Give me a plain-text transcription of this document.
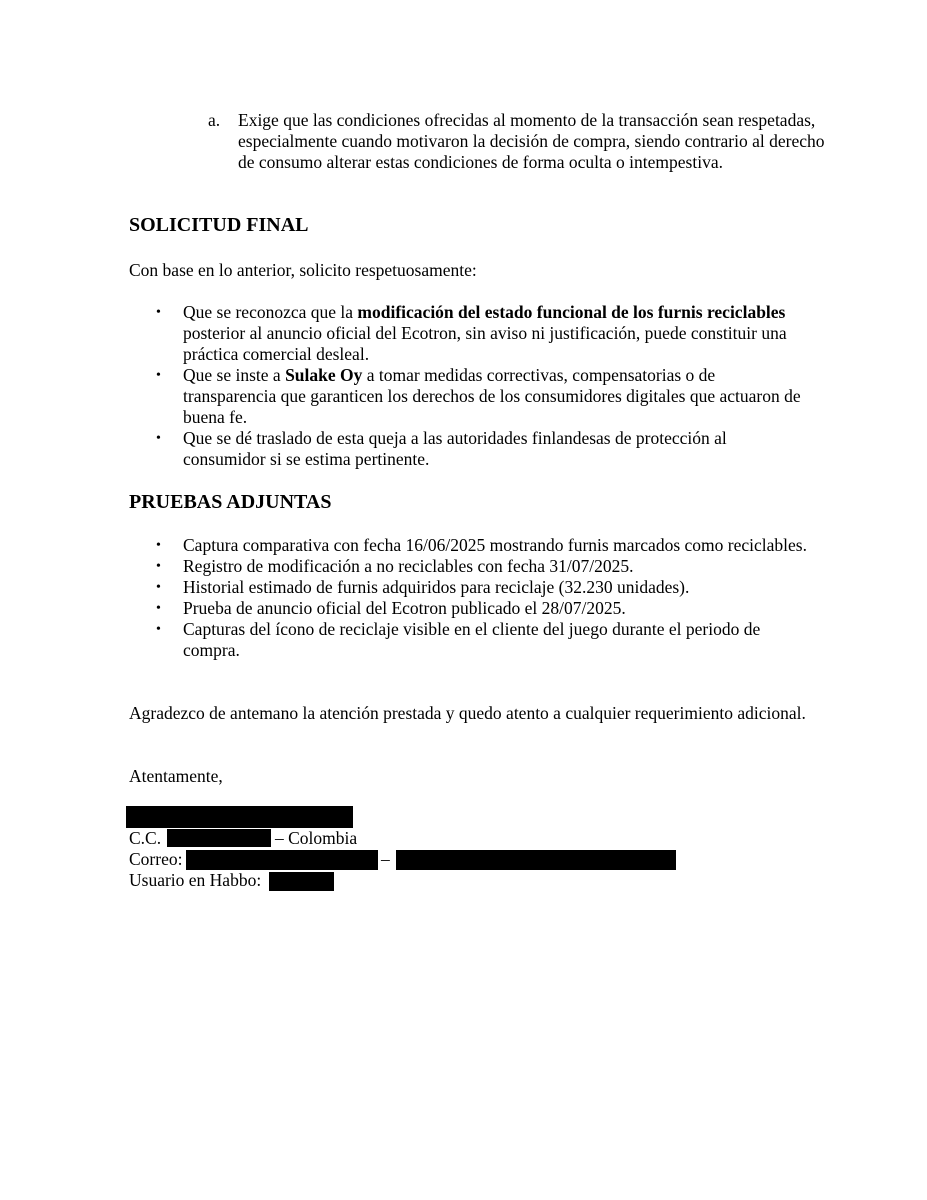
a. Exige que las condiciones ofrecidas al momento de la transacción sean respetadas, especialmente cuando motivaron la decisión de compra, siendo contrario al derecho de consumo alterar estas condiciones de forma oculta o intempestiva.
SOLICITUD FINAL

Con base en lo anterior, solicito respetuosamente:

• Que se reconozca que la modificación del estado funcional de los furnis reciclables posterior al anuncio oficial del Ecotron, sin aviso ni justificación, puede constituir una práctica comercial desleal.
• Que se inste a Sulake Oy a tomar medidas correctivas, compensatorias o de transparencia que garanticen los derechos de los consumidores digitales que actuaron de buena fe.
• Que se dé traslado de esta queja a las autoridades finlandesas de protección al consumidor si se estima pertinente.
PRUEBAS ADJUNTAS
• Captura comparativa con fecha 16/06/2025 mostrando furnis marcados como reciclables.
• Registro de modificación a no reciclables con fecha 31/07/2025.
• Historial estimado de furnis adquiridos para reciclaje (32.230 unidades).
• Prueba de anuncio oficial del Ecotron publicado el 28/07/2025.
• Capturas del ícono de reciclaje visible en el cliente del juego durante el periodo de compra.

Agradezco de antemano la atención prestada y quedo atento a cualquier requerimiento adicional.

Atentamente,

C.C.	– Colombia
Correo:	–
Usuario en Habbo:
